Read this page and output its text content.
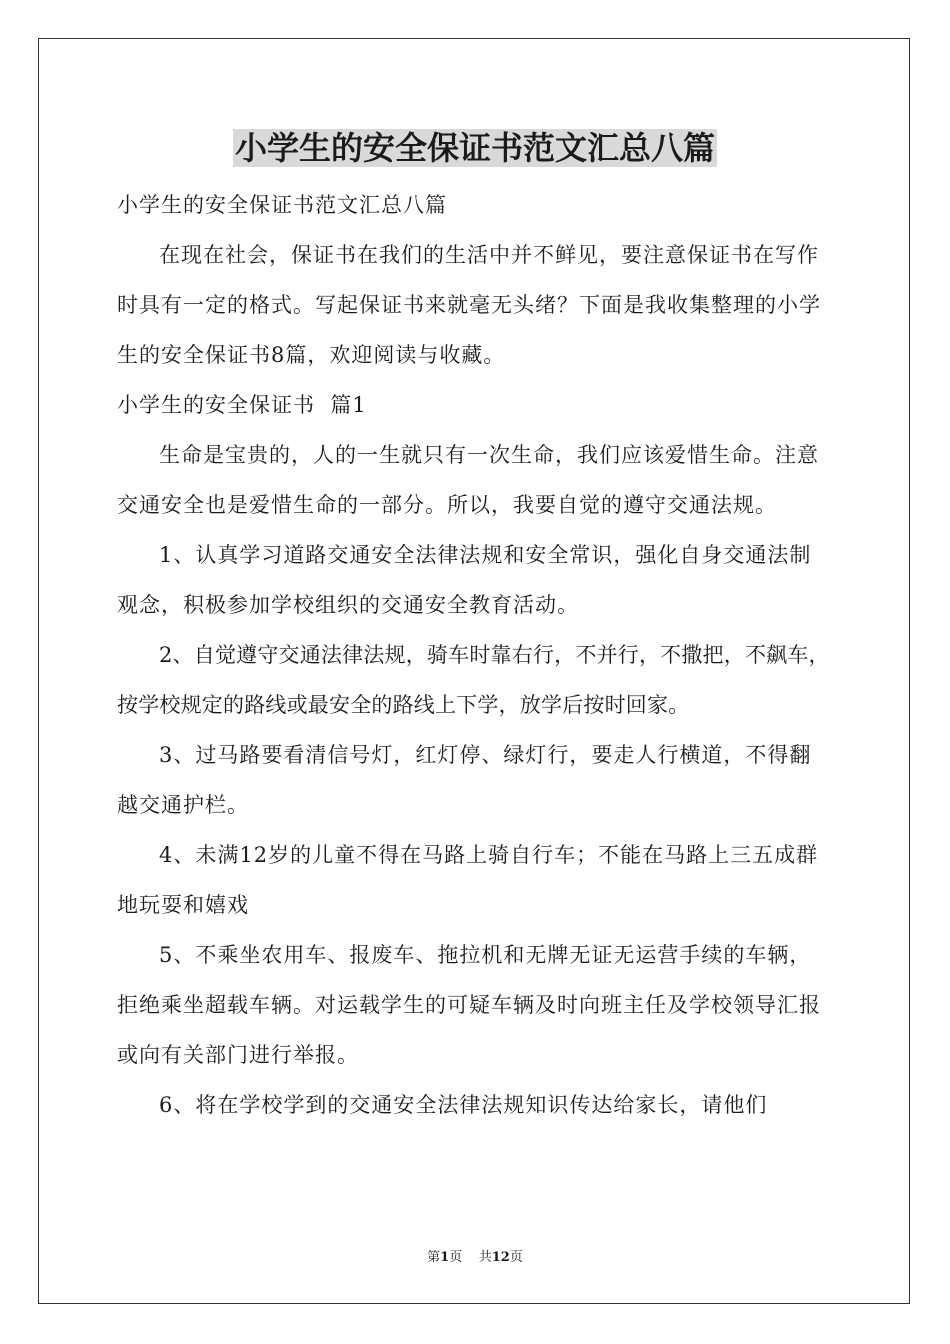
小学生的安全保证书范文汇总八篇

小学生的安全保证书范文汇总八篇

在现在社会，保证书在我们的生活中并不鲜见，要注意保证书在写作时具有一定的格式。写起保证书来就毫无头绪？下面是我收集整理的小学生的安全保证书8篇，欢迎阅读与收藏。

小学生的安全保证书  篇1

生命是宝贵的，人的一生就只有一次生命，我们应该爱惜生命。注意交通安全也是爱惜生命的一部分。所以，我要自觉的遵守交通法规。

1、认真学习道路交通安全法律法规和安全常识，强化自身交通法制观念，积极参加学校组织的交通安全教育活动。

2、自觉遵守交通法律法规，骑车时靠右行，不并行，不撒把，不飙车，按学校规定的路线或最安全的路线上下学，放学后按时回家。

3、过马路要看清信号灯，红灯停、绿灯行，要走人行横道，不得翻越交通护栏。

4、未满12岁的儿童不得在马路上骑自行车；不能在马路上三五成群地玩耍和嬉戏

5、不乘坐农用车、报废车、拖拉机和无牌无证无运营手续的车辆，拒绝乘坐超载车辆。对运载学生的可疑车辆及时向班主任及学校领导汇报或向有关部门进行举报。

6、将在学校学到的交通安全法律法规知识传达给家长，请他们

第1页 共12页
